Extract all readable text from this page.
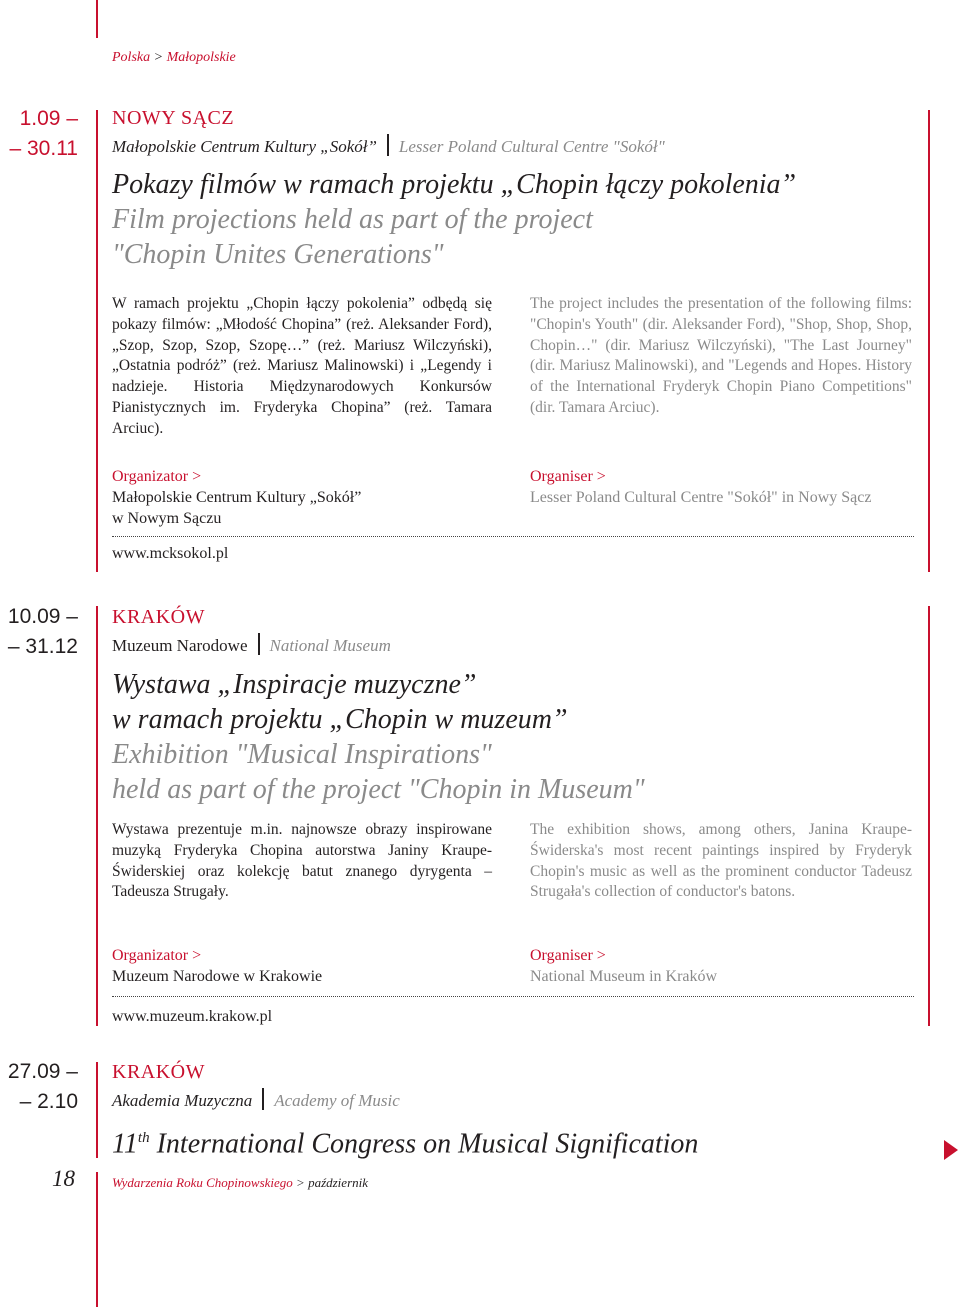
Polska > Małopolskie
1.09 –
– 30.11
NOWY SĄCZ
Małopolskie Centrum Kultury „Sokół” Lesser Poland Cultural Centre "Sokół"
Pokazy filmów w ramach projektu „Chopin łączy pokolenia”
Film projections held as part of the project
"Chopin Unites Generations"
W ramach projektu „Chopin łączy pokolenia” odbędą się pokazy filmów: „Młodość Chopina” (reż. Aleksander Ford), „Szop, Szop, Szop, Szopę…” (reż. Mariusz Wilczyński), „Ostatnia podróż” (reż. Mariusz Malinowski) i „Legendy i nadzieje. Historia Międzynarodowych Konkursów Pianistycznych im. Fryderyka Chopina” (reż. Tamara Arciuc).
The project includes the presentation of the following films: "Chopin's Youth" (dir. Aleksander Ford), "Shop, Shop, Shop, Chopin…" (dir. Mariusz Wilczyński), "The Last Journey" (dir. Mariusz Malinowski), and "Legends and Hopes. History of the International Fryderyk Chopin Piano Competitions" (dir. Tamara Arciuc).
Organizator >
Małopolskie Centrum Kultury „Sokół”
w Nowym Sączu
Organiser >
Lesser Poland Cultural Centre "Sokół" in Nowy Sącz
www.mcksokol.pl
10.09 –
– 31.12
KRAKÓW
Muzeum Narodowe National Museum
Wystawa „Inspiracje muzyczne”
w ramach projektu „Chopin w muzeum”
Exhibition "Musical Inspirations"
held as part of the project "Chopin in Museum"
Wystawa prezentuje m.in. najnowsze obrazy inspirowane muzyką Fryderyka Chopina autorstwa Janiny Kraupe-Świderskiej oraz kolekcję batut znanego dyrygenta – Tadeusza Strugały.
The exhibition shows, among others, Janina Kraupe-Świderska's most recent paintings inspired by Fryderyk Chopin's music as well as the prominent conductor Tadeusz Strugała's collection of conductor's batons.
Organizator >
Muzeum Narodowe w Krakowie
Organiser >
National Museum in Kraków
www.muzeum.krakow.pl
27.09 –
– 2.10
KRAKÓW
Akademia Muzyczna Academy of Music
11th International Congress on Musical Signification
18	Wydarzenia Roku Chopinowskiego > październik
